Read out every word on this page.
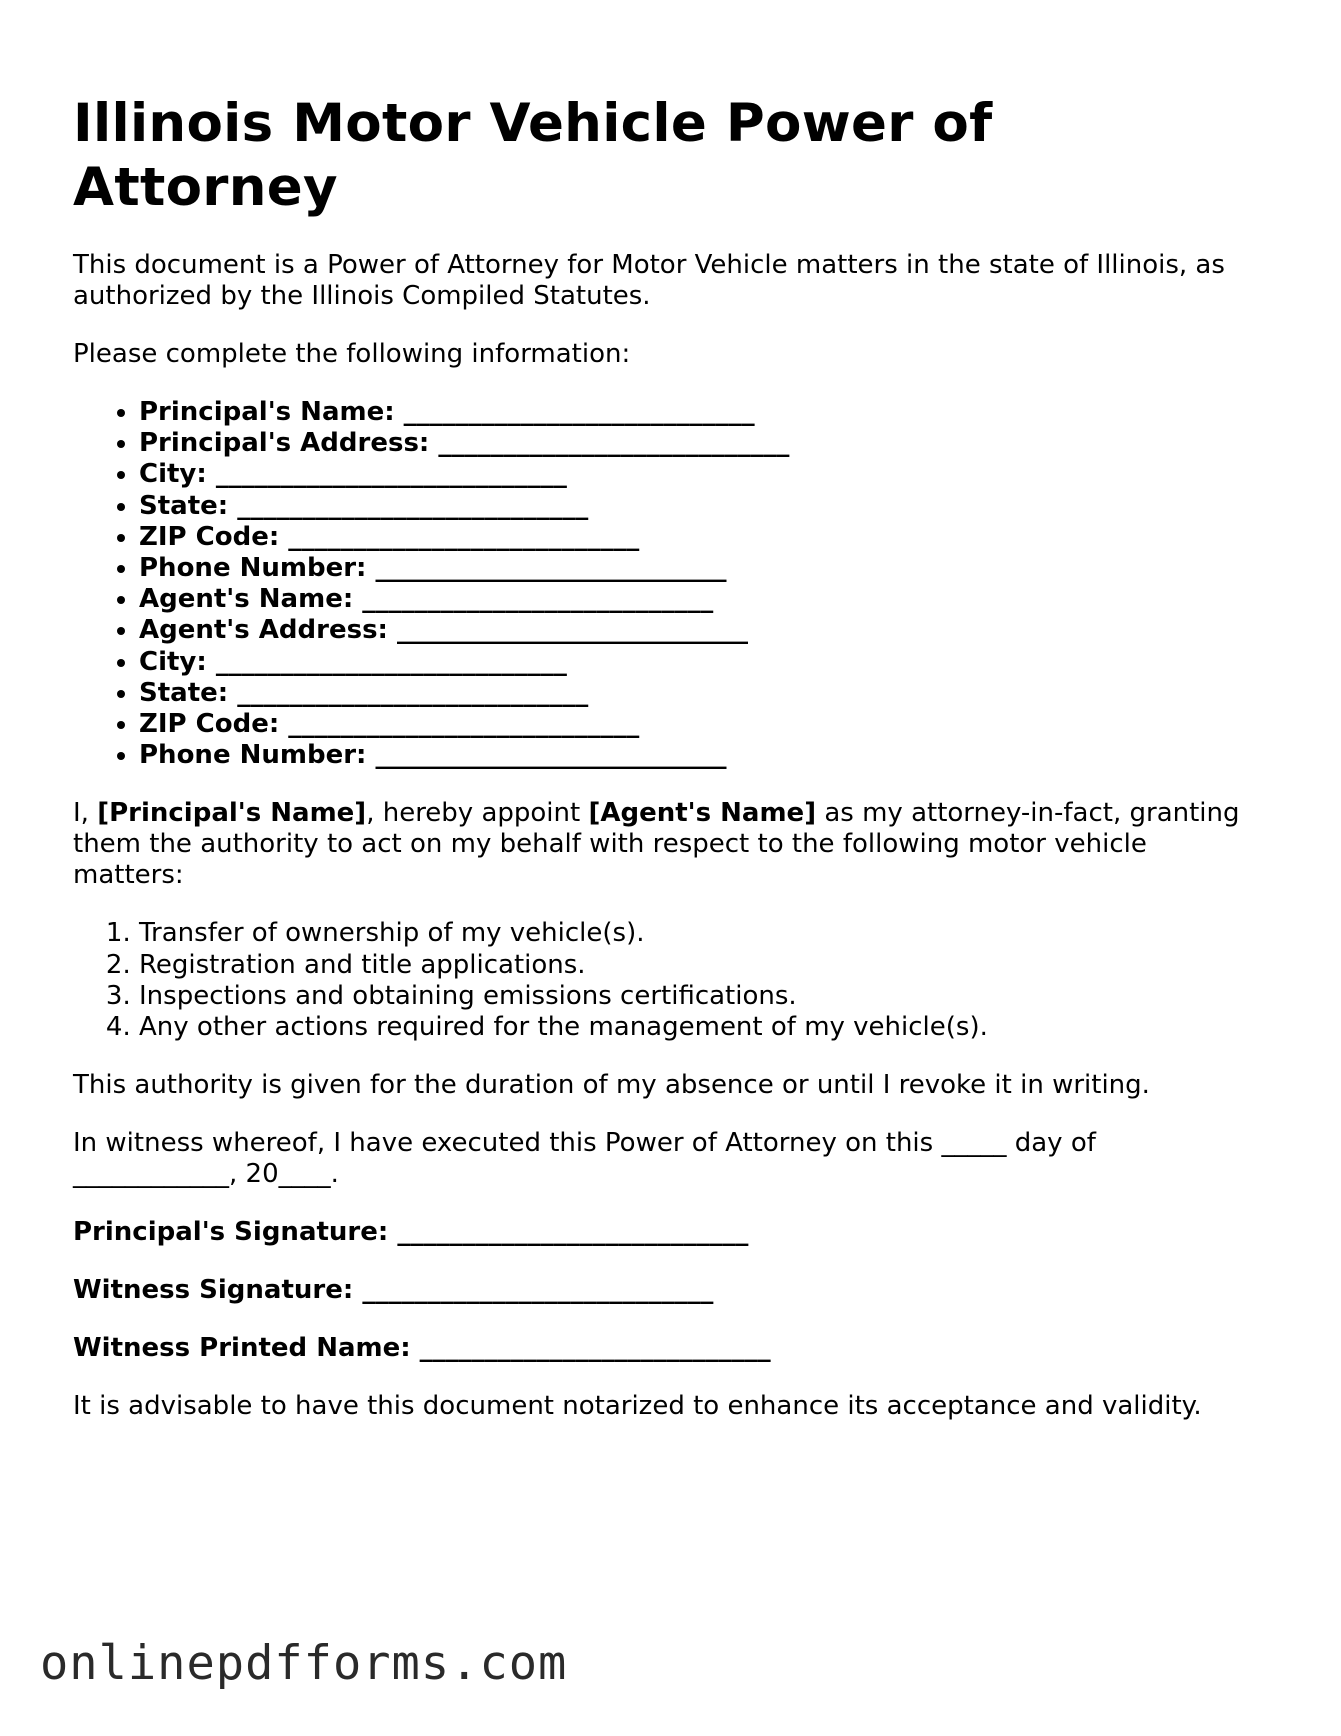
Illinois Motor Vehicle Power of Attorney

This document is a Power of Attorney for Motor Vehicle matters in the state of Illinois, as authorized by the Illinois Compiled Statutes.

Please complete the following information:

• Principal's Name: ___________________________
• Principal's Address: ___________________________
• City: ___________________________
• State: ___________________________
• ZIP Code: ___________________________
• Phone Number: ___________________________
• Agent's Name: ___________________________
• Agent's Address: ___________________________
• City: ___________________________
• State: ___________________________
• ZIP Code: ___________________________
• Phone Number: ___________________________

I, [Principal's Name], hereby appoint [Agent's Name] as my attorney-in-fact, granting them the authority to act on my behalf with respect to the following motor vehicle matters:

1. Transfer of ownership of my vehicle(s).
2. Registration and title applications.
3. Inspections and obtaining emissions certifications.
4. Any other actions required for the management of my vehicle(s).

This authority is given for the duration of my absence or until I revoke it in writing.

In witness whereof, I have executed this Power of Attorney on this _____ day of ____________, 20____.

Principal's Signature: ___________________________

Witness Signature: ___________________________

Witness Printed Name: ___________________________

It is advisable to have this document notarized to enhance its acceptance and validity.

onlinepdfforms.com
